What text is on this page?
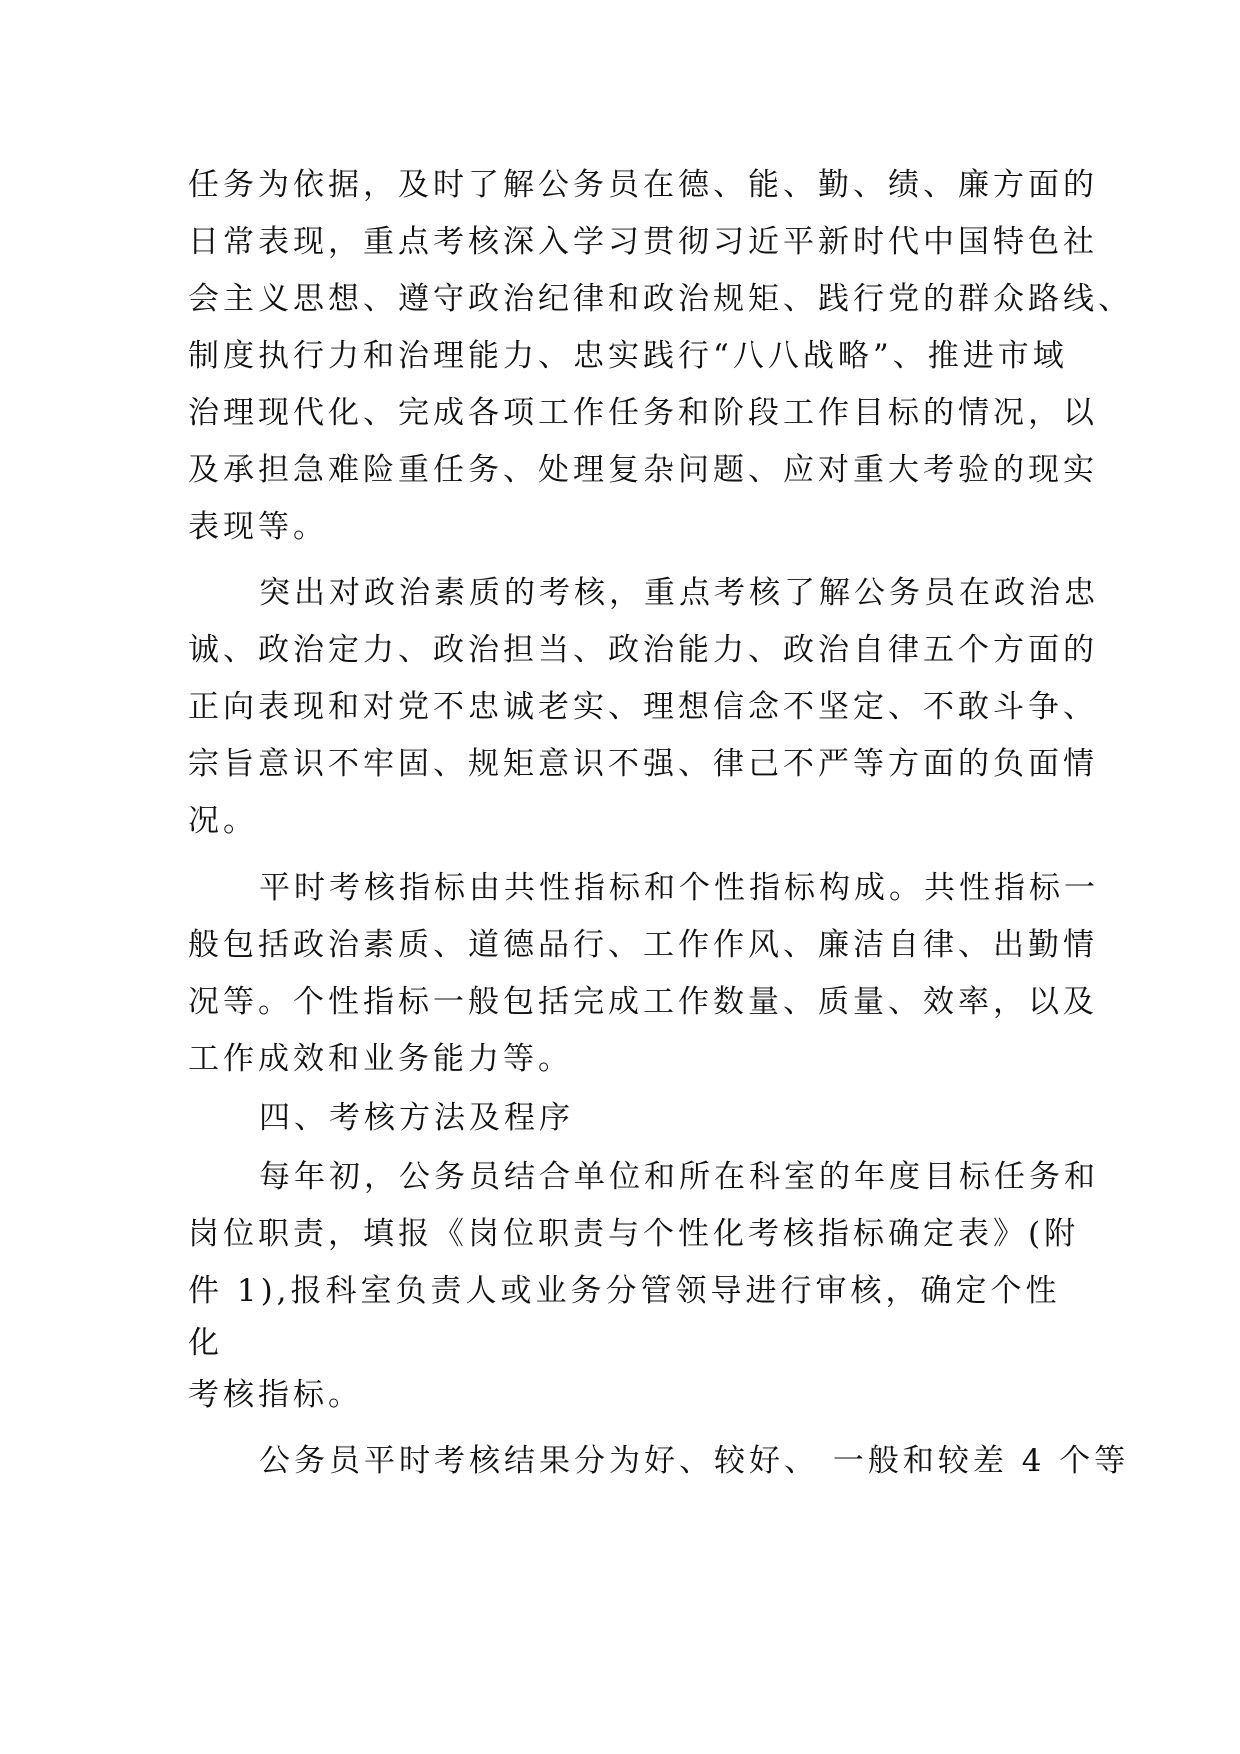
任务为依据，及时了解公务员在德、能、勤、绩、廉方面的
日常表现，重点考核深入学习贯彻习近平新时代中国特色社
会主义思想、遵守政治纪律和政治规矩、践行党的群众路线、
制度执行力和治理能力、忠实践行“八八战略”、推进市域
治理现代化、完成各项工作任务和阶段工作目标的情况，以
及承担急难险重任务、处理复杂问题、应对重大考验的现实
表现等。
突出对政治素质的考核，重点考核了解公务员在政治忠
诚、政治定力、政治担当、政治能力、政治自律五个方面的
正向表现和对党不忠诚老实、理想信念不坚定、不敢斗争、
宗旨意识不牢固、规矩意识不强、律己不严等方面的负面情
况。
平时考核指标由共性指标和个性指标构成。共性指标一
般包括政治素质、道德品行、工作作风、廉洁自律、出勤情
况等。个性指标一般包括完成工作数量、质量、效率，以及
工作成效和业务能力等。
四、考核方法及程序
每年初，公务员结合单位和所在科室的年度目标任务和
岗位职责，填报《岗位职责与个性化考核指标确定表》(附
件 1),报科室负责人或业务分管领导进行审核，确定个性
化
考核指标。
公务员平时考核结果分为好、较好、 一般和较差 4 个等
